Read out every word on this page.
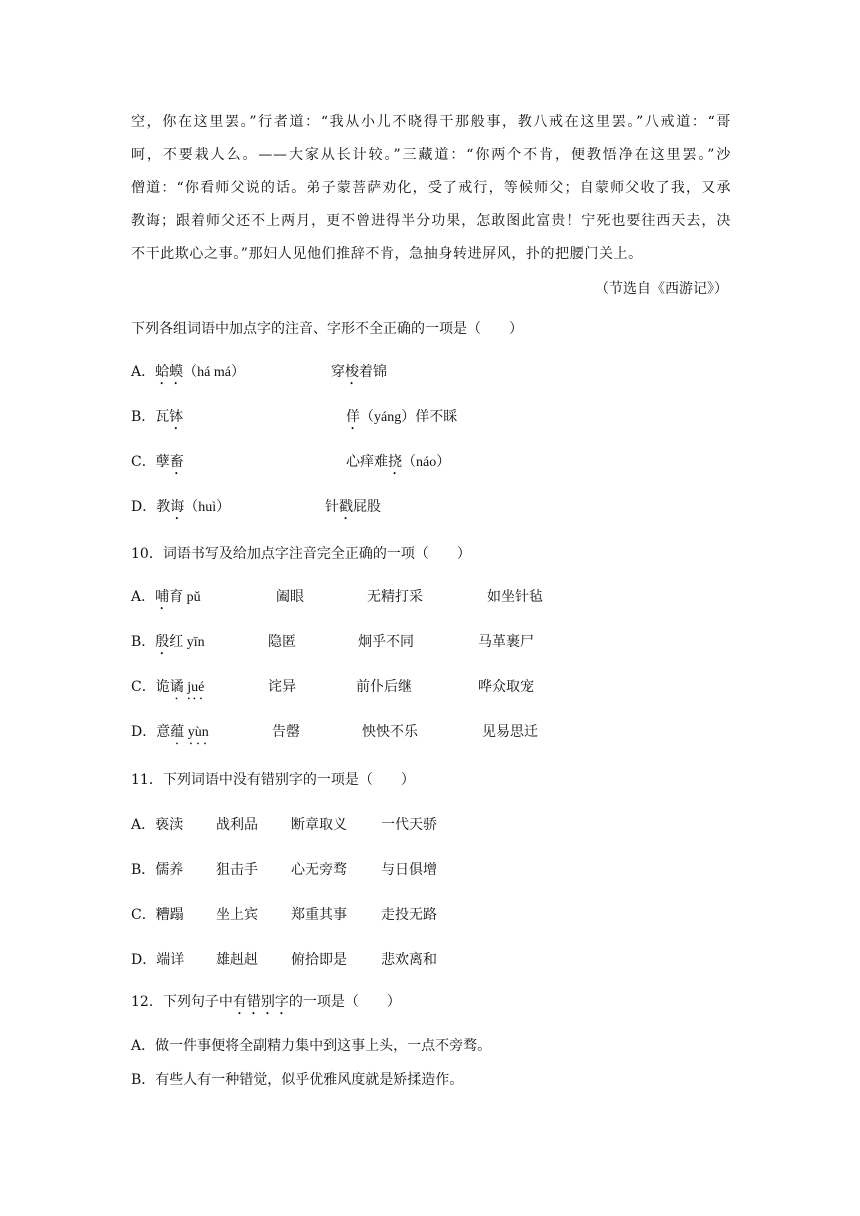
空，你在这里罢。”行者道：“我从小儿不晓得干那般事，教八戒在这里罢。”八戒道：“哥

呵，不要栽人么。——大家从长计较。”三藏道：“你两个不肯，便教悟净在这里罢。”沙

僧道：“你看师父说的话。弟子蒙菩萨劝化，受了戒行，等候师父；自蒙师父收了我，又承

教诲；跟着师父还不上两月，更不曾进得半分功果，怎敢图此富贵！宁死也要往西天去，决

不干此欺心之事。”那妇人见他们推辞不肯，急抽身转进屏风，扑的把腰门关上。

（节选自《西游记》）
下列各组词语中加点字的注音、字形不全正确的一项是（　　）
A．蛤蟆（há má）	穿梭着锦
B．瓦钵	佯（yáng）佯不睬
C．孽畜	心痒难挠（náo）
D．教诲（huì）	针戳屁股
10．词语书写及给加点字注音完全正确的一项（　　）
A．哺育 pǔ	阖眼	无精打采	如坐针毡
B．殷红 yīn	隐匿	炯乎不同	马革裹尸
C．诡谲 jué	诧异	前仆后继	哗众取宠
D．意蕴 yùn	告罄	怏怏不乐	见易思迁
11．下列词语中没有错别字的一项是（　　）
A．亵渎 战利品 断章取义 一代天骄
B．儒养 狙击手 心无旁骛 与日俱增
C．糟蹋 坐上宾 郑重其事 走投无路
D．端详 雄赳赳 俯拾即是 悲欢离和
12．下列句子中有错别字的一项是（　　）
A．做一件事便将全副精力集中到这事上头，一点不旁骛。
B．有些人有一种错觉，似乎优雅风度就是矫揉造作。
